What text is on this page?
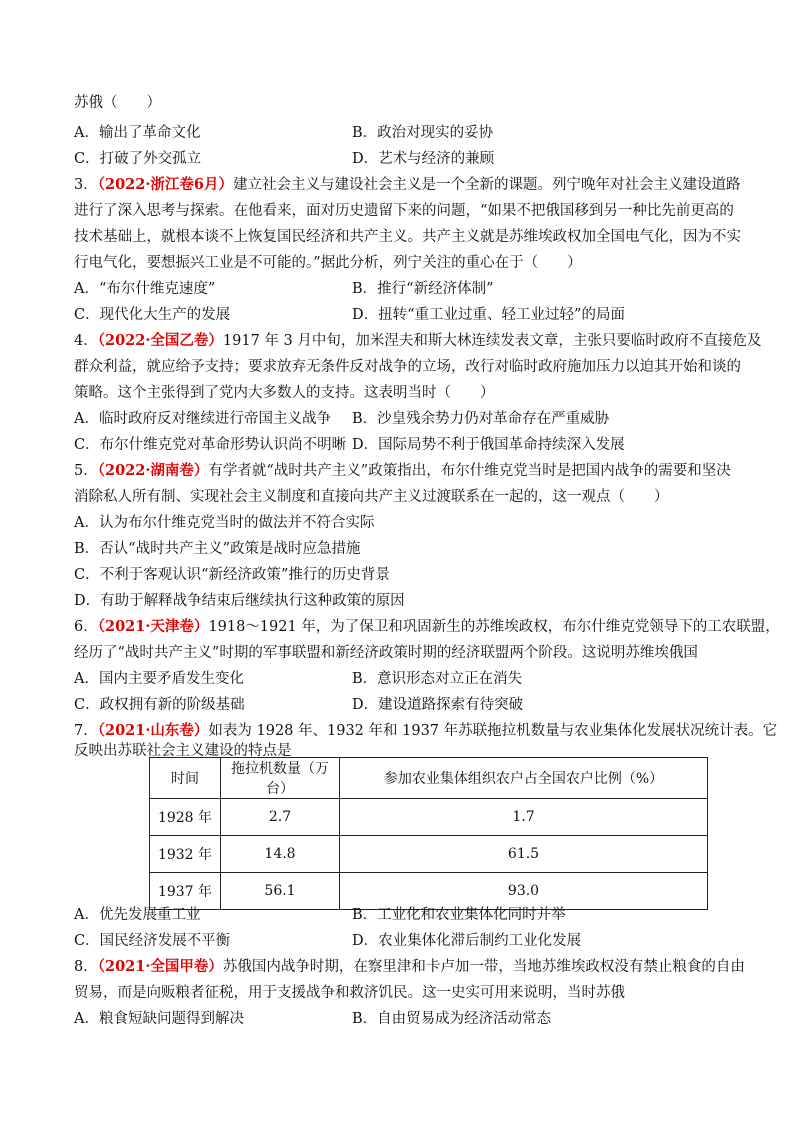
苏俄（　　）
A．输出了革命文化	B．政治对现实的妥协
C．打破了外交孤立	D．艺术与经济的兼顾
3．（2022·浙江卷6月）建立社会主义与建设社会主义是一个全新的课题。列宁晚年对社会主义建设道路
进行了深入思考与探索。在他看来，面对历史遗留下来的问题，“如果不把俄国移到另一种比先前更高的
技术基础上，就根本谈不上恢复国民经济和共产主义。共产主义就是苏维埃政权加全国电气化，因为不实
行电气化，要想振兴工业是不可能的。”据此分析，列宁关注的重心在于（　　）
A．“布尔什维克速度”	B．推行“新经济体制”
C．现代化大生产的发展	D．扭转“重工业过重、轻工业过轻”的局面
4．（2022·全国乙卷）1917 年 3 月中旬，加米涅夫和斯大林连续发表文章，主张只要临时政府不直接危及
群众利益，就应给予支持；要求放弃无条件反对战争的立场，改行对临时政府施加压力以迫其开始和谈的
策略。这个主张得到了党内大多数人的支持。这表明当时（　　）
A．临时政府反对继续进行帝国主义战争 B．沙皇残余势力仍对革命存在严重威胁
C．布尔什维克党对革命形势认识尚不明晰 D．国际局势不利于俄国革命持续深入发展
5．（2022·湖南卷）有学者就“战时共产主义”政策指出，布尔什维克党当时是把国内战争的需要和坚决
消除私人所有制、实现社会主义制度和直接向共产主义过渡联系在一起的，这一观点（　　）
A．认为布尔什维克党当时的做法并不符合实际
B．否认“战时共产主义”政策是战时应急措施
C．不利于客观认识“新经济政策”推行的历史背景
D．有助于解释战争结束后继续执行这种政策的原因
6．（2021·天津卷）1918～1921 年，为了保卫和巩固新生的苏维埃政权，布尔什维克党领导下的工农联盟，
经历了“战时共产主义”时期的军事联盟和新经济政策时期的经济联盟两个阶段。这说明苏维埃俄国
A．国内主要矛盾发生变化	B．意识形态对立正在消失
C．政权拥有新的阶级基础	D．建设道路探索有待突破
7．（2021·山东卷）如表为 1928 年、1932 年和 1937 年苏联拖拉机数量与农业集体化发展状况统计表。它
反映出苏联社会主义建设的特点是
时间	拖拉机数量（万台）	参加农业集体组织农户占全国农户比例（%）
1928 年	2.7	1.7
1932 年	14.8	61.5
1937 年	56.1	93.0
A．优先发展重工业	B．工业化和农业集体化同时并举
C．国民经济发展不平衡	D．农业集体化滞后制约工业化发展
8．（2021·全国甲卷）苏俄国内战争时期，在察里津和卡卢加一带，当地苏维埃政权没有禁止粮食的自由
贸易，而是向贩粮者征税，用于支援战争和救济饥民。这一史实可用来说明，当时苏俄
A．粮食短缺问题得到解决	B．自由贸易成为经济活动常态
